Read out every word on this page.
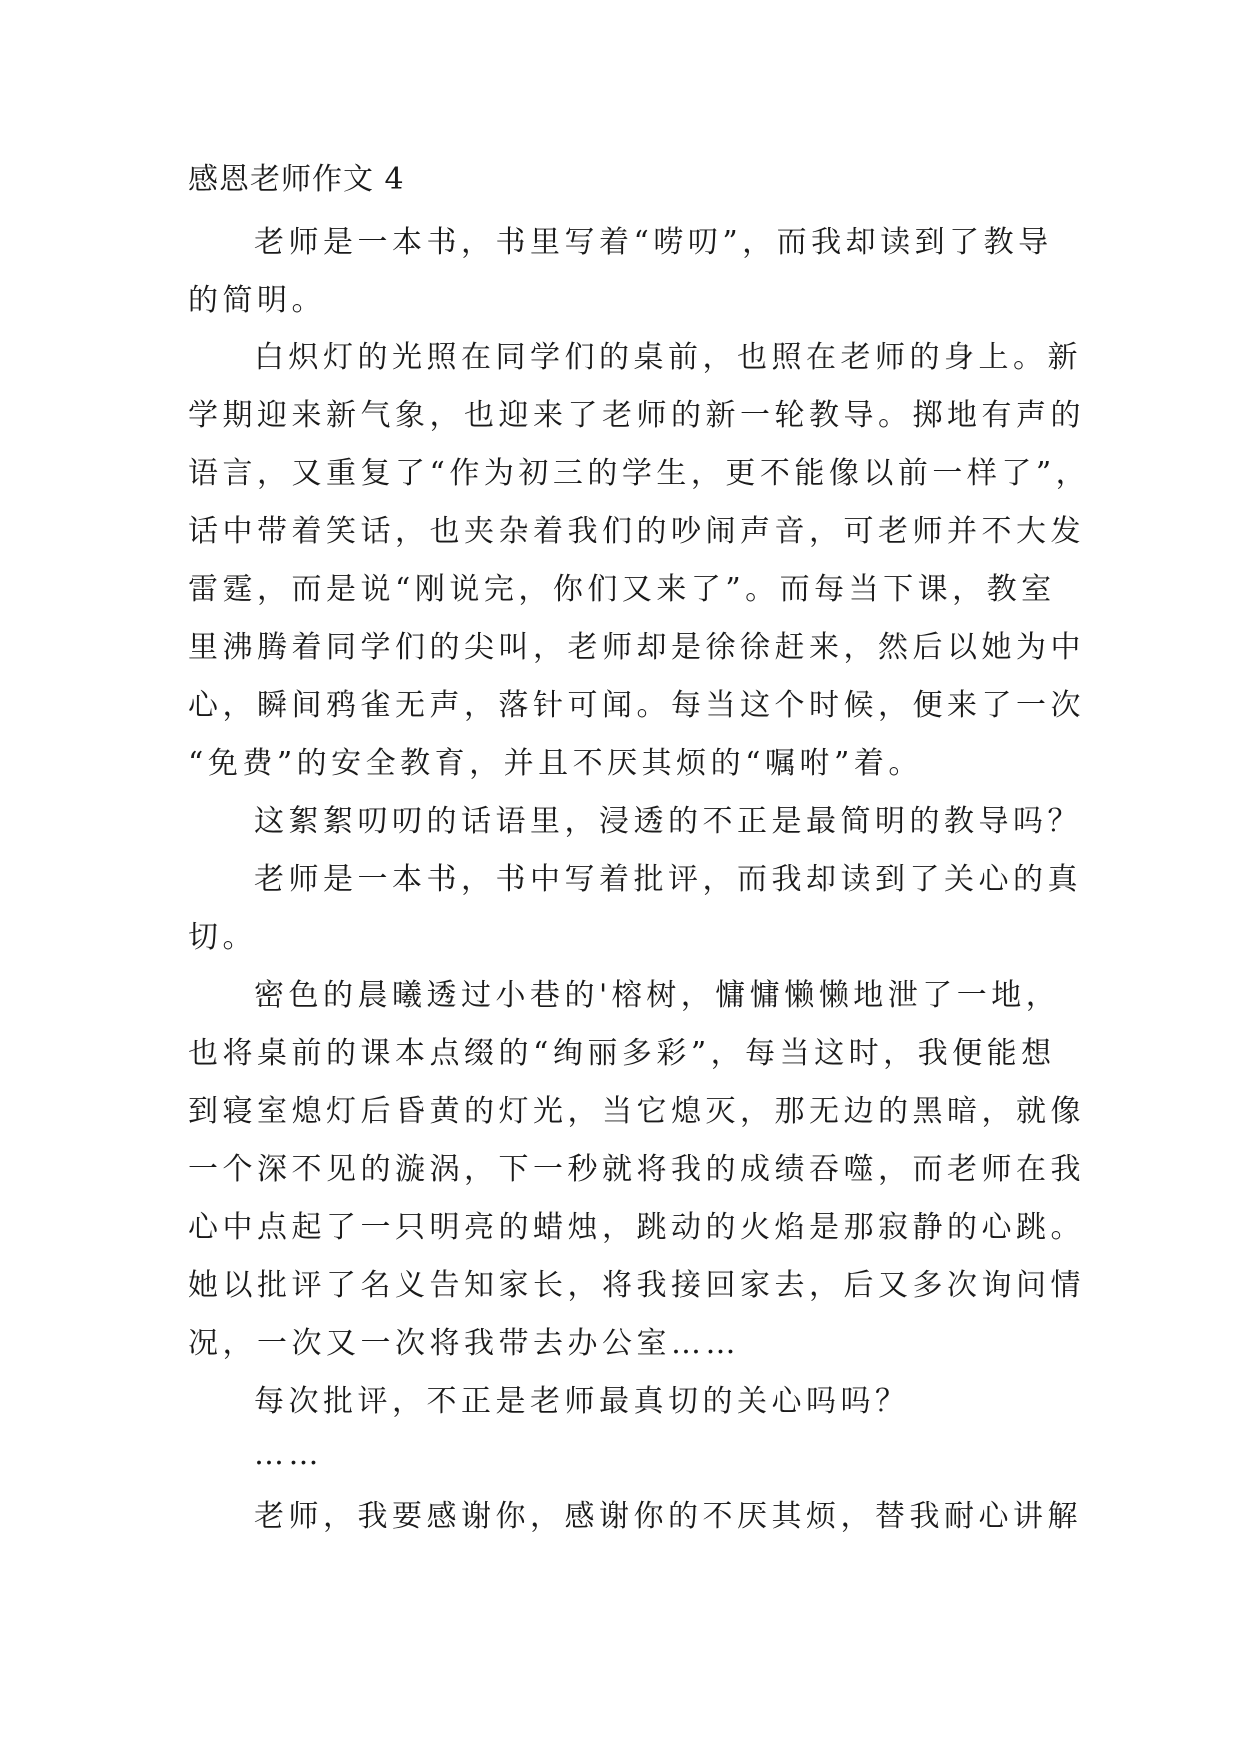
感恩老师作文 4
老师是一本书，书里写着“唠叨”，而我却读到了教导
的简明。
白炽灯的光照在同学们的桌前，也照在老师的身上。新
学期迎来新气象，也迎来了老师的新一轮教导。掷地有声的
语言，又重复了“作为初三的学生，更不能像以前一样了”，
话中带着笑话，也夹杂着我们的吵闹声音，可老师并不大发
雷霆，而是说“刚说完，你们又来了”。而每当下课，教室
里沸腾着同学们的尖叫，老师却是徐徐赶来，然后以她为中
心，瞬间鸦雀无声，落针可闻。每当这个时候，便来了一次
“免费”的安全教育，并且不厌其烦的“嘱咐”着。
这絮絮叨叨的话语里，浸透的不正是最简明的教导吗？
老师是一本书，书中写着批评，而我却读到了关心的真
切。
密色的晨曦透过小巷的'榕树，慵慵懒懒地泄了一地，
也将桌前的课本点缀的“绚丽多彩”，每当这时，我便能想
到寝室熄灯后昏黄的灯光，当它熄灭，那无边的黑暗，就像
一个深不见的漩涡，下一秒就将我的成绩吞噬，而老师在我
心中点起了一只明亮的蜡烛，跳动的火焰是那寂静的心跳。
她以批评了名义告知家长，将我接回家去，后又多次询问情
况，一次又一次将我带去办公室……
每次批评，不正是老师最真切的关心吗吗？
……
老师，我要感谢你，感谢你的不厌其烦，替我耐心讲解
